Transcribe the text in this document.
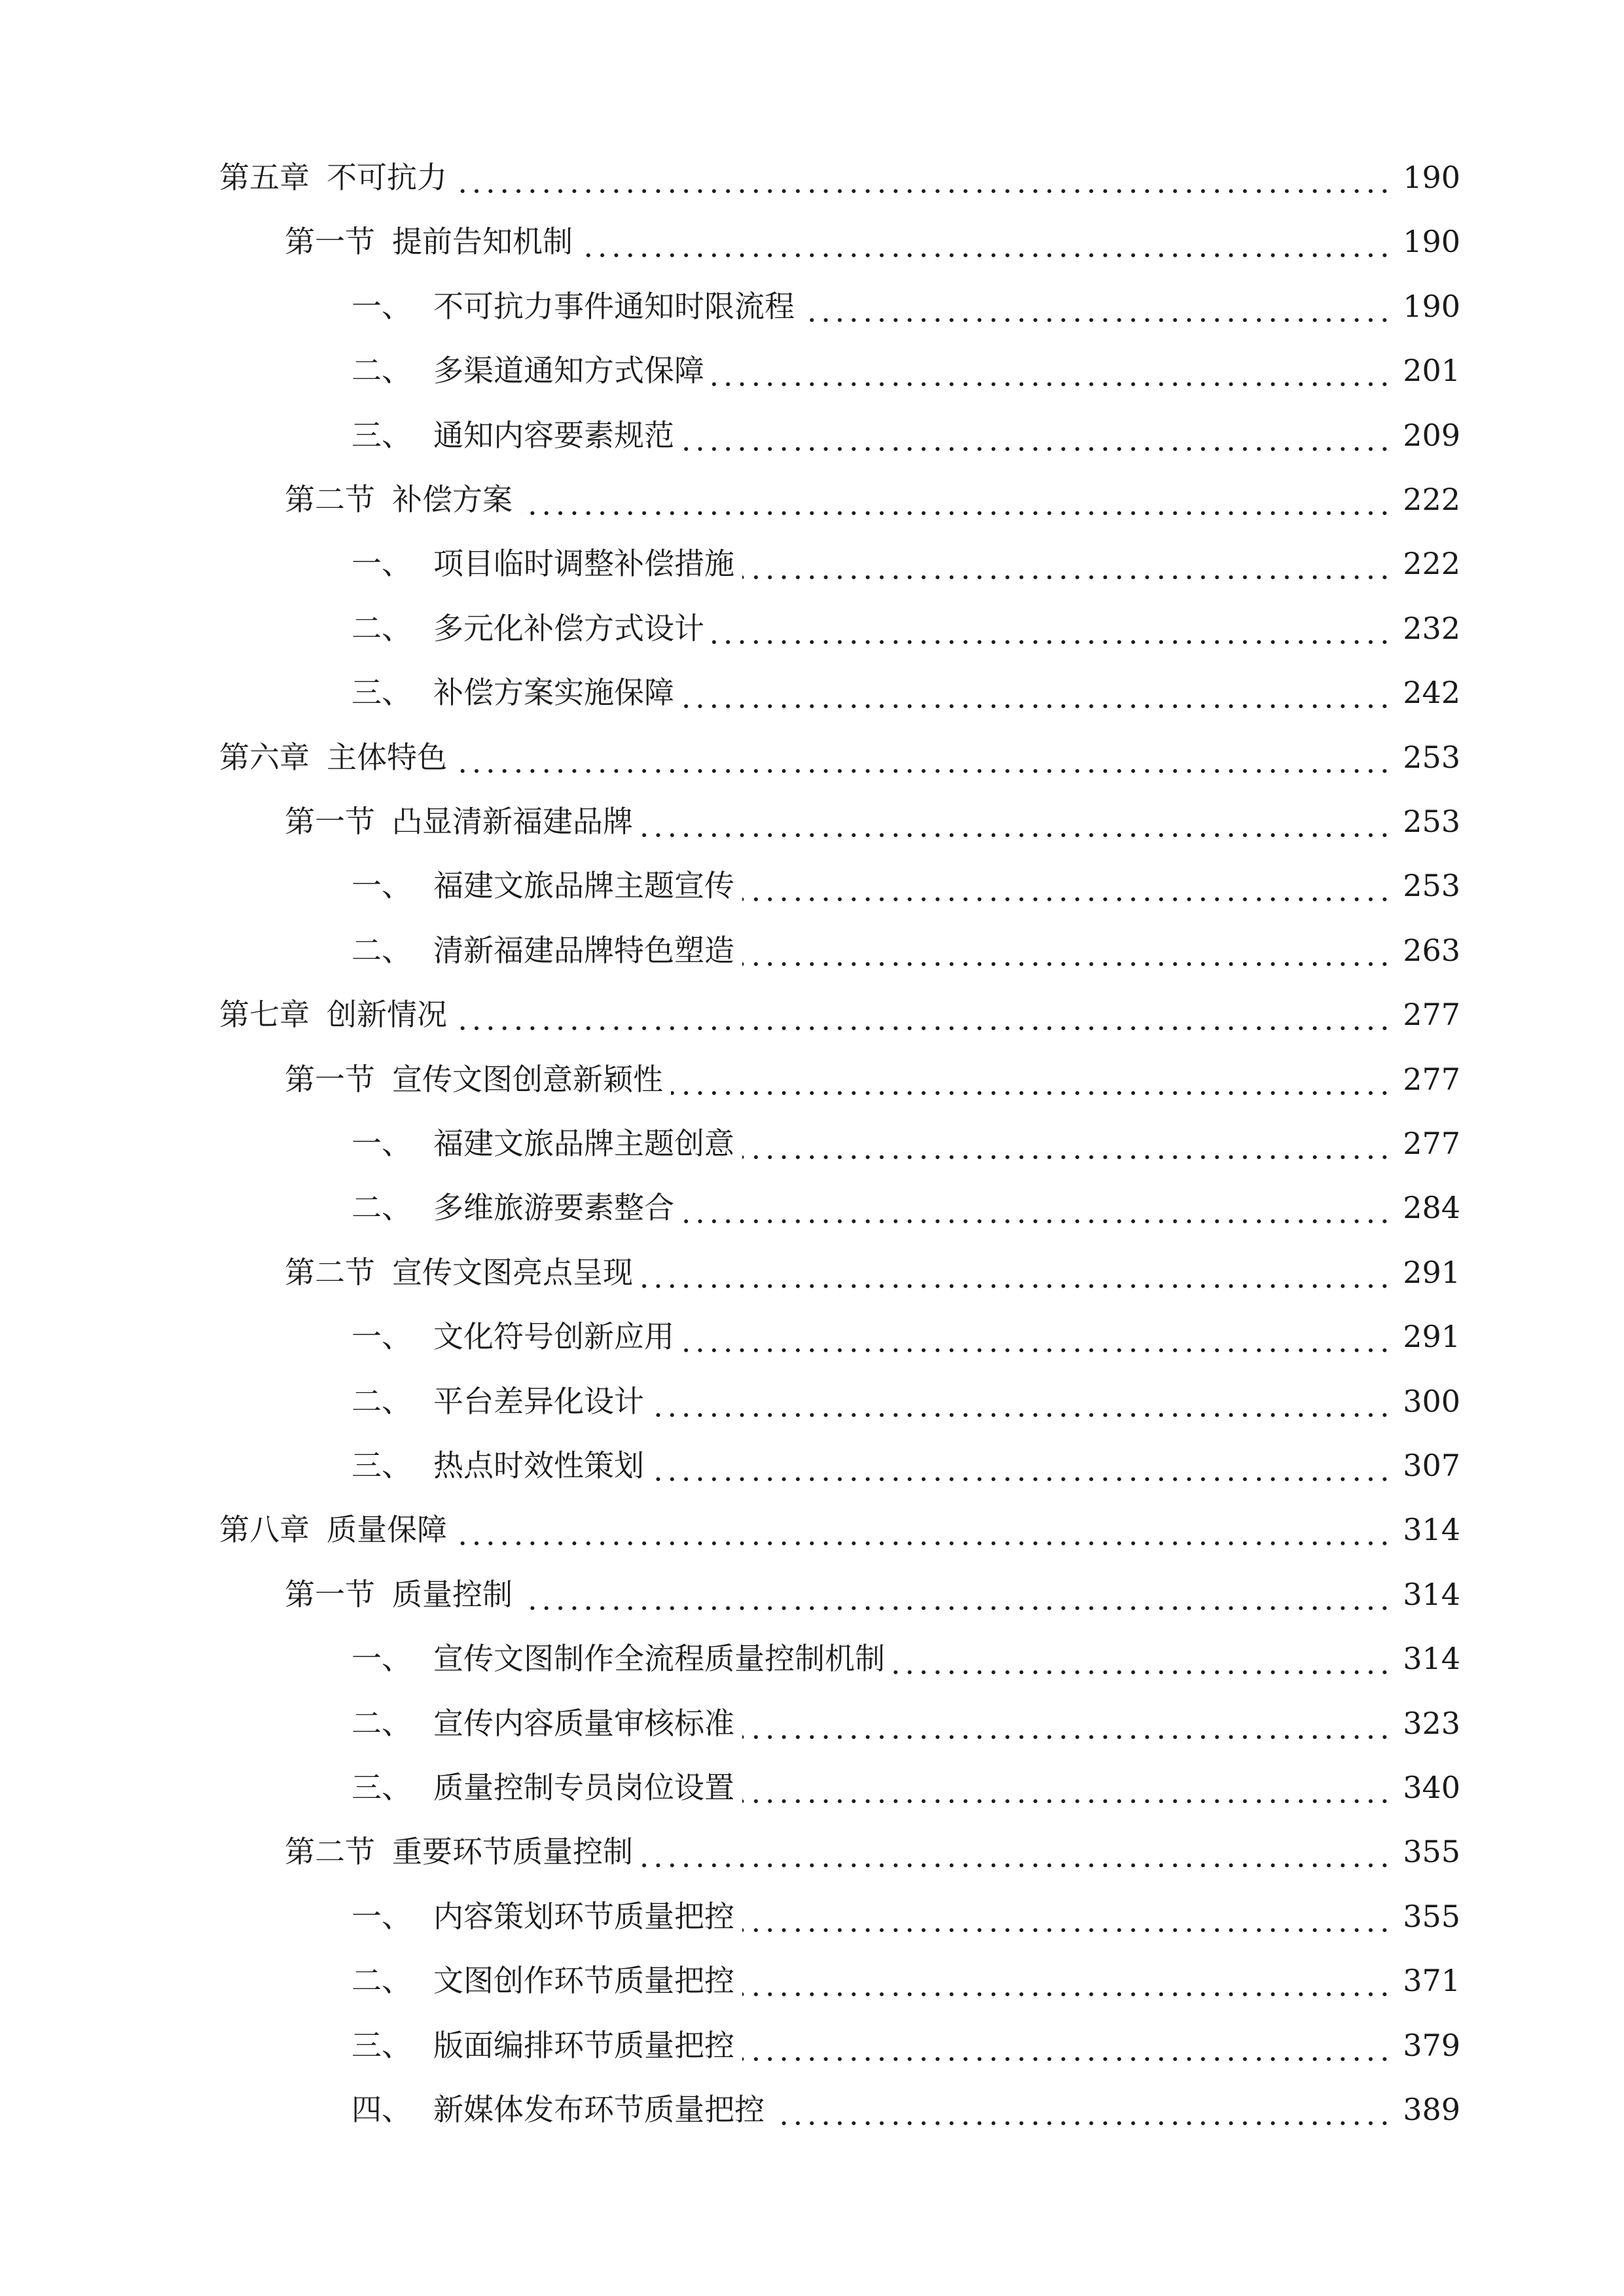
第五章 不可抗力	190
第一节 提前告知机制	190
一、 不可抗力事件通知时限流程	190
二、 多渠道通知方式保障	201
三、 通知内容要素规范	209
第二节 补偿方案	222
一、 项目临时调整补偿措施	222
二、 多元化补偿方式设计	232
三、 补偿方案实施保障	242
第六章 主体特色	253
第一节 凸显清新福建品牌	253
一、 福建文旅品牌主题宣传	253
二、 清新福建品牌特色塑造	263
第七章 创新情况	277
第一节 宣传文图创意新颖性	277
一、 福建文旅品牌主题创意	277
二、 多维旅游要素整合	284
第二节 宣传文图亮点呈现	291
一、 文化符号创新应用	291
二、 平台差异化设计	300
三、 热点时效性策划	307
第八章 质量保障	314
第一节 质量控制	314
一、 宣传文图制作全流程质量控制机制	314
二、 宣传内容质量审核标准	323
三、 质量控制专员岗位设置	340
第二节 重要环节质量控制	355
一、 内容策划环节质量把控	355
二、 文图创作环节质量把控	371
三、 版面编排环节质量把控	379
四、 新媒体发布环节质量把控	389
